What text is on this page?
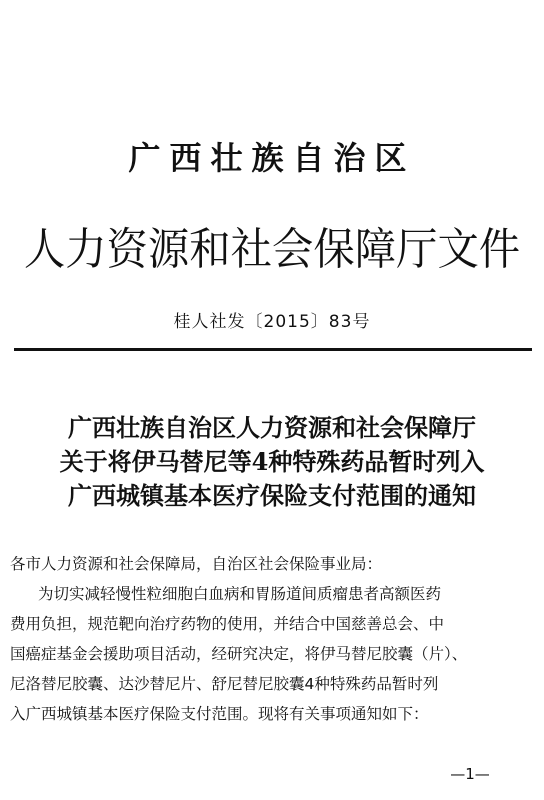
广西壮族自治区
人力资源和社会保障厅文件
桂人社发〔2015〕83号
广西壮族自治区人力资源和社会保障厅
关于将伊马替尼等4种特殊药品暂时列入
广西城镇基本医疗保险支付范围的通知
各市人力资源和社会保障局，自治区社会保险事业局：
为切实减轻慢性粒细胞白血病和胃肠道间质瘤患者高额医药
费用负担，规范靶向治疗药物的使用，并结合中国慈善总会、中
国癌症基金会援助项目活动，经研究决定，将伊马替尼胶囊（片）、
尼洛替尼胶囊、达沙替尼片、舒尼替尼胶囊4种特殊药品暂时列
入广西城镇基本医疗保险支付范围。现将有关事项通知如下：
—1—
